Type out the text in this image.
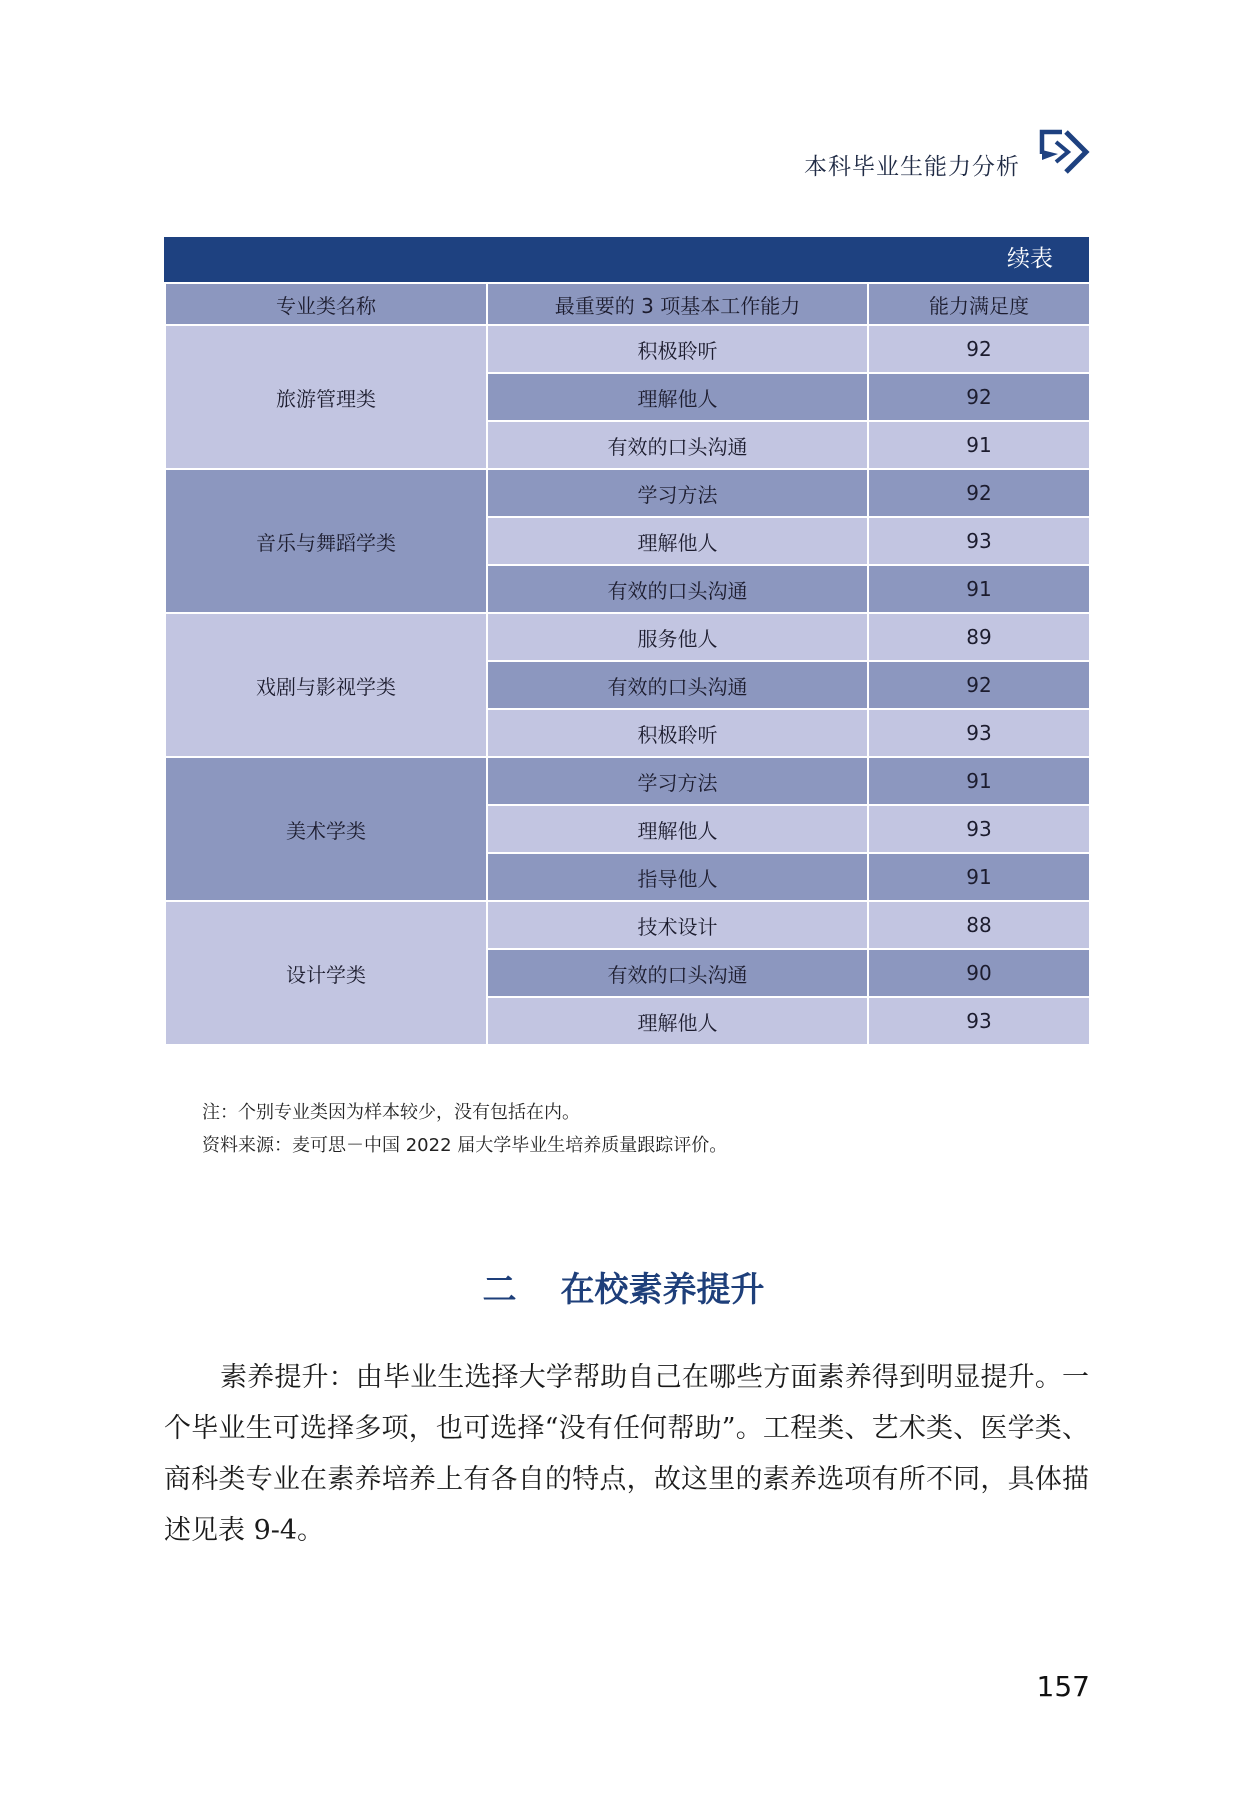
本科毕业生能力分析
续表
专业类名称	最重要的 3 项基本工作能力	能力满足度
旅游管理类	积极聆听	92
	理解他人	92
	有效的口头沟通	91
音乐与舞蹈学类	学习方法	92
	理解他人	93
	有效的口头沟通	91
戏剧与影视学类	服务他人	89
	有效的口头沟通	92
	积极聆听	93
美术学类	学习方法	91
	理解他人	93
	指导他人	91
设计学类	技术设计	88
	有效的口头沟通	90
	理解他人	93
注：个别专业类因为样本较少，没有包括在内。
资料来源：麦可思－中国 2022 届大学毕业生培养质量跟踪评价。
二 在校素养提升

素养提升：由毕业生选择大学帮助自己在哪些方面素养得到明显提升。一个毕业生可选择多项，也可选择“没有任何帮助”。工程类、艺术类、医学类、商科类专业在素养培养上有各自的特点，故这里的素养选项有所不同，具体描述见表 9-4。

157
